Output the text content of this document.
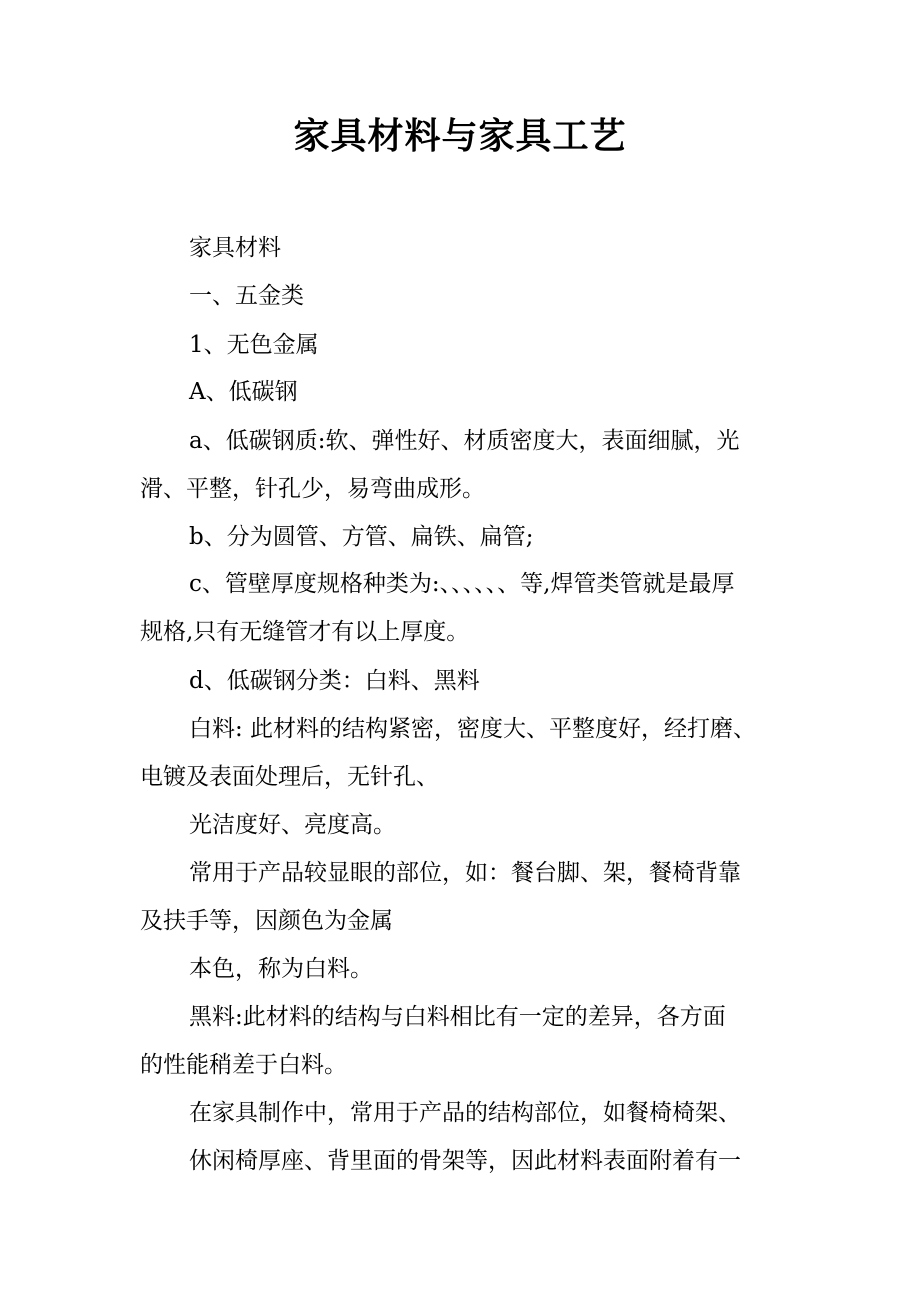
家具材料与家具工艺
家具材料
一、五金类
1、无色金属
A、低碳钢
a、低碳钢质:软、弹性好、材质密度大，表面细腻，光
滑、平整，针孔少，易弯曲成形。
b、分为圆管、方管、扁铁、扁管;
c、管壁厚度规格种类为:、、、、、、等,焊管类管就是最厚
规格,只有无缝管才有以上厚度。
d、低碳钢分类：白料、黑料
白料: 此材料的结构紧密，密度大、平整度好，经打磨、
电镀及表面处理后，无针孔、
光洁度好、亮度高。
常用于产品较显眼的部位，如：餐台脚、架，餐椅背靠
及扶手等，因颜色为金属
本色，称为白料。
黑料:此材料的结构与白料相比有一定的差异，各方面
的性能稍差于白料。
在家具制作中，常用于产品的结构部位，如餐椅椅架、
休闲椅厚座、背里面的骨架等，因此材料表面附着有一
